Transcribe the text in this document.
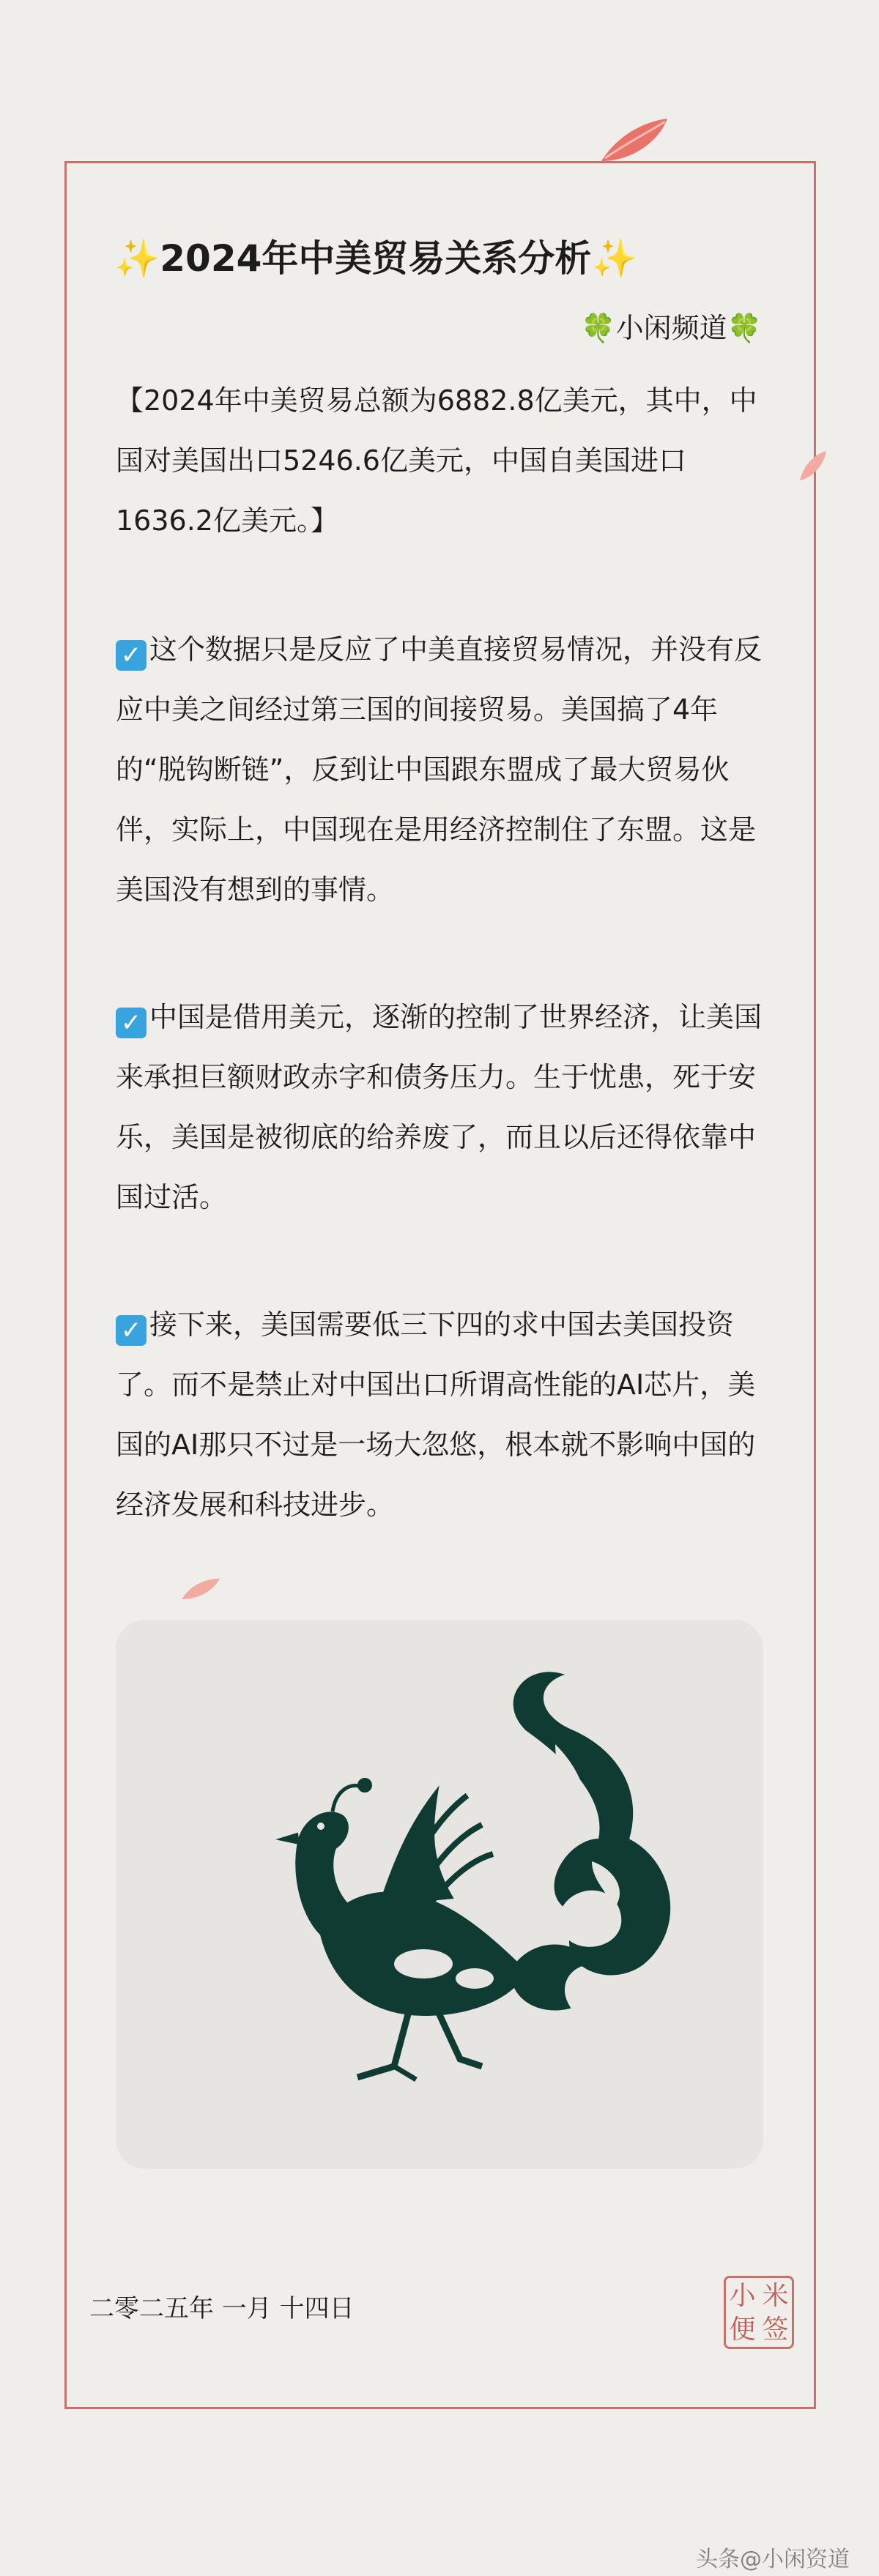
✨2024年中美贸易关系分析✨
🍀小闲频道🍀

【2024年中美贸易总额为6882.8亿美元，其中，中国对美国出口5246.6亿美元，中国自美国进口1636.2亿美元。】

✓ 这个数据只是反应了中美直接贸易情况，并没有反应中美之间经过第三国的间接贸易。美国搞了4年的“脱钩断链”，反到让中国跟东盟成了最大贸易伙伴，实际上，中国现在是用经济控制住了东盟。这是美国没有想到的事情。

✓ 中国是借用美元，逐渐的控制了世界经济，让美国来承担巨额财政赤字和债务压力。生于忧患，死于安乐，美国是被彻底的给养废了，而且以后还得依靠中国过活。

✓ 接下来，美国需要低三下四的求中国去美国投资了。而不是禁止对中国出口所谓高性能的AI芯片，美国的AI那只不过是一场大忽悠，根本就不影响中国的经济发展和科技进步。

二零二五年 一月 十四日	小 米
便 签
头条@小闲资道
